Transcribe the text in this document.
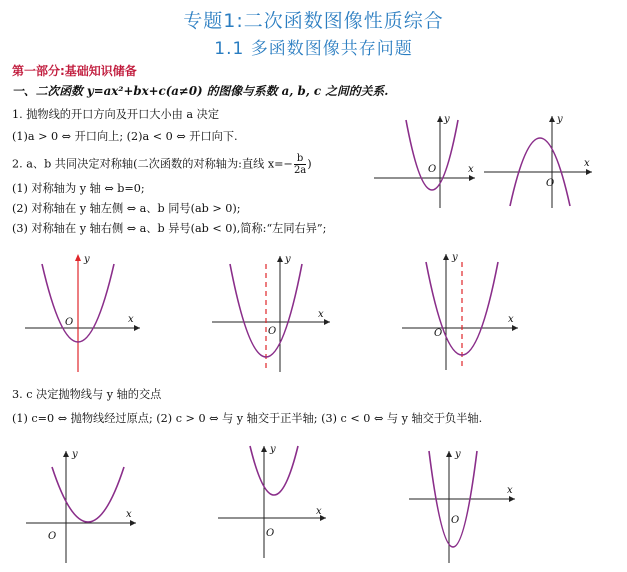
专题1:二次函数图像性质综合
1.1 多函数图像共存问题
第一部分:基础知识储备
一、二次函数 y=ax²+bx+c(a≠0) 的图像与系数 a, b, c 之间的关系.
1. 抛物线的开口方向及开口大小由 a 决定
(1)a > 0 ⇔ 开口向上; (2)a < 0 ⇔ 开口向下.
2. a、b 共同决定对称轴(二次函数的对称轴为:直线 $x=- \frac{b}{2a}$ )
(1) 对称轴为 y 轴 ⇔ b=0;
(2) 对称轴在 y 轴左侧 ⇔ a、b 同号(ab > 0);
(3) 对称轴在 y 轴右侧 ⇔ a、b 异号(ab < 0),简称:“左同右异”;
3. c 决定抛物线与 y 轴的交点
(1) c=0 ⇔ 抛物线经过原点; (2) c > 0 ⇔ 与 y 轴交于正半轴; (3) c < 0 ⇔ 与 y 轴交于负半轴.
x
y
O
x
y
O
x
y
O
x
y
O
x
y
O
x
y
O
x
y
O
x
y
O
